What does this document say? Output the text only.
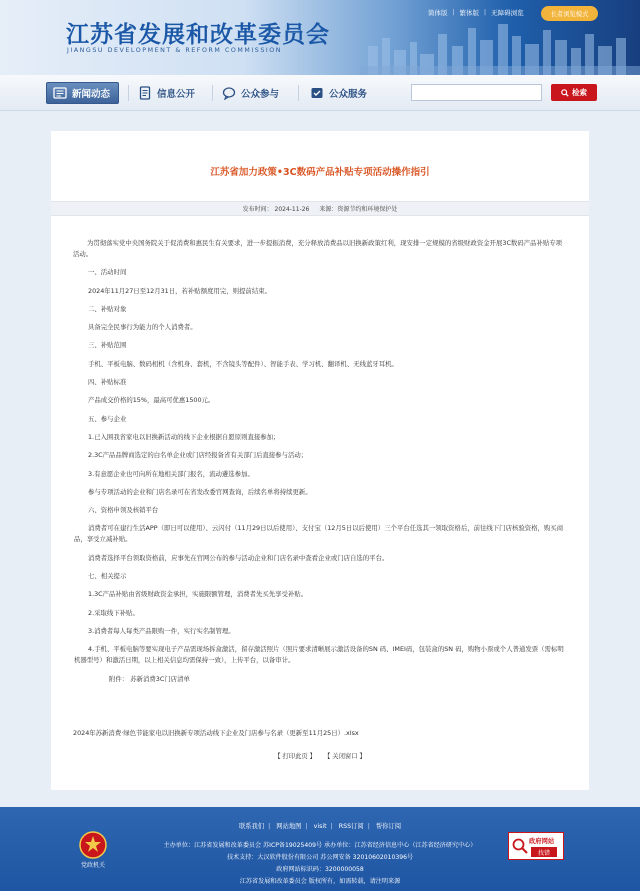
江苏省发展和改革委员会
JIANGSU DEVELOPMENT & REFORM COMMISSION
简体版 | 繁体版 | 无障碍浏览	长者浏览模式
新闻动态	信息公开	公众参与	公众服务	检索
江苏省加力政策•3C数码产品补贴专项活动操作指引
发布时间： 2024-11-26 来源：资源节约和环境保护处

为贯彻落实党中央国务院关于促消费和惠民生有关要求，进一步提振消费，充分释放消费品以旧换新政策红利，现安排一定规模的省级财政资金开展3C数码产品补贴专项活动。

一、活动时间

2024年11月27日至12月31日，若补贴额度用完，则提前结束。

二、补贴对象

具备完全民事行为能力的个人消费者。

三、补贴范围

手机、平板电脑、数码相机（含机身、套机，不含镜头等配件）、智能手表、学习机、翻译机、无线蓝牙耳机。

四、补贴标准

产品成交价格的15%，最高可优惠1500元。

五、参与企业

1.已入围我省家电以旧换新活动的线下企业根据自愿原则直接参加；

2.3C产品品牌商选定的白名单企业或门店经报备省有关部门后直接参与活动；

3.有意愿企业也可向所在地相关部门报名，流动遴选参加。

参与专项活动的企业和门店名录可在省发改委官网查询，后续名单将持续更新。

六、资格申领及核销平台

消费者可在建行生活APP（即日可以使用）、云闪付（11月29日以后使用）、支付宝（12月5日以后使用）三个平台任选其一领取资格后，前往线下门店核验资格，购买商品，享受立减补贴。

消费者选择平台领取资格前，应事先在官网公布的参与活动企业和门店名录中查看企业或门店自选的平台。

七、相关提示

1.3C产品补贴由省级财政资金承担，实施限额管理，消费者先买先享受补贴。

2.采取线下补贴。

3.消费者每人每类产品限购一件，实行实名制管理。

4.手机、平板电脑等要实现电子产品需现场拆盒激活，留存激活照片（照片要求清晰展示激活设备的SN 码、IMEI码，包装盒的SN 码，购物小票或个人普通发票（需标明机器型号）和激活日期，以上相关信息均需保持一致），上传平台，以备审计。

附件： 苏新消费3C门店清单

2024年苏新消费·绿色节能家电以旧换新专项活动线下企业及门店参与名录（更新至11月25日）.xlsx
【 打印此页 】 【 关闭窗口 】
联系我们 | 网站地图 | visit | RSS订阅 | 帮你订阅
主办单位：江苏省发展和改革委员会 苏ICP备19025409号 承办单位：江苏省经济信息中心（江苏省经济研究中心）
技术支持：大汉软件股份有限公司 苏公网安备 32010602010396号
政府网站标识码：3200000058
江苏省发展和改革委员会 版权所有，如需转载，请注明来源
党政机关
政府网站
找错
